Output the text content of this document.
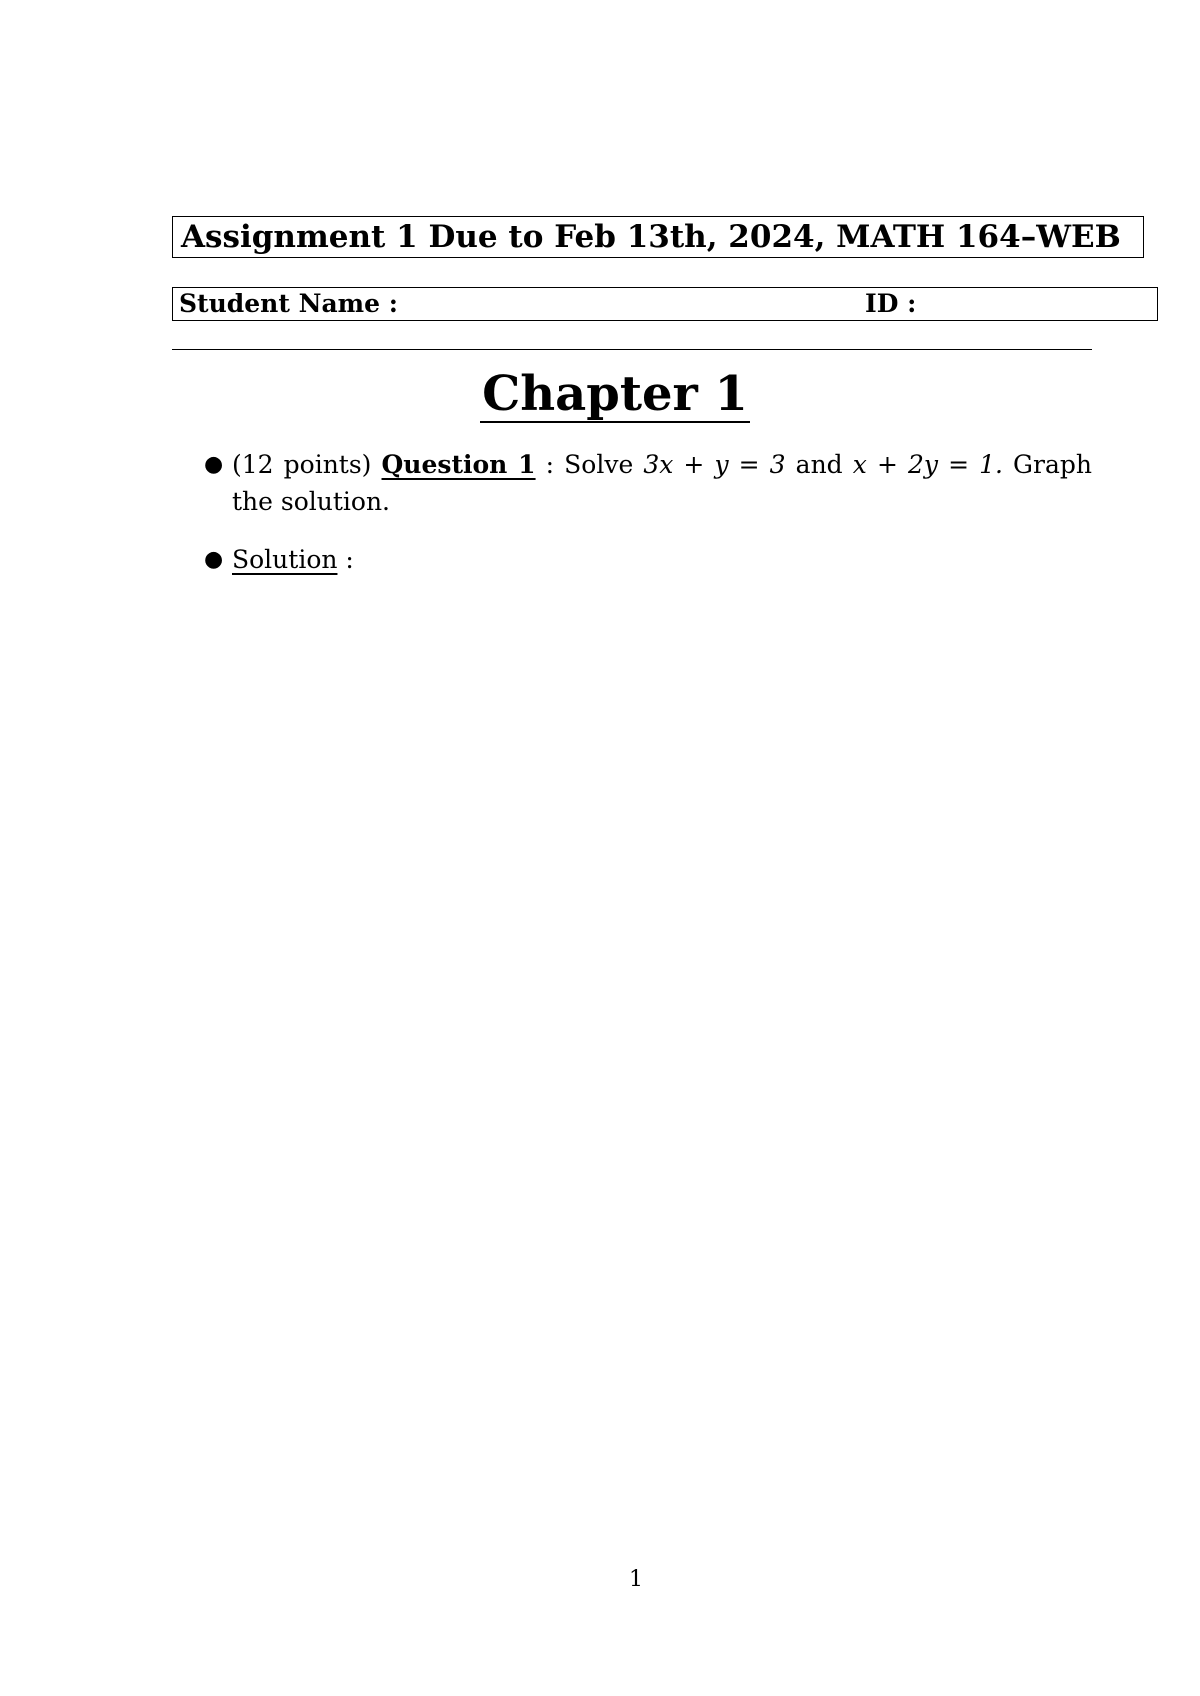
Assignment 1 Due to Feb 13th, 2024, MATH 164–WEB
Student Name :	ID :
Chapter 1
● (12 points) Question 1 : Solve 3x + y = 3 and x + 2y = 1. Graph the solution.
● Solution :
1
